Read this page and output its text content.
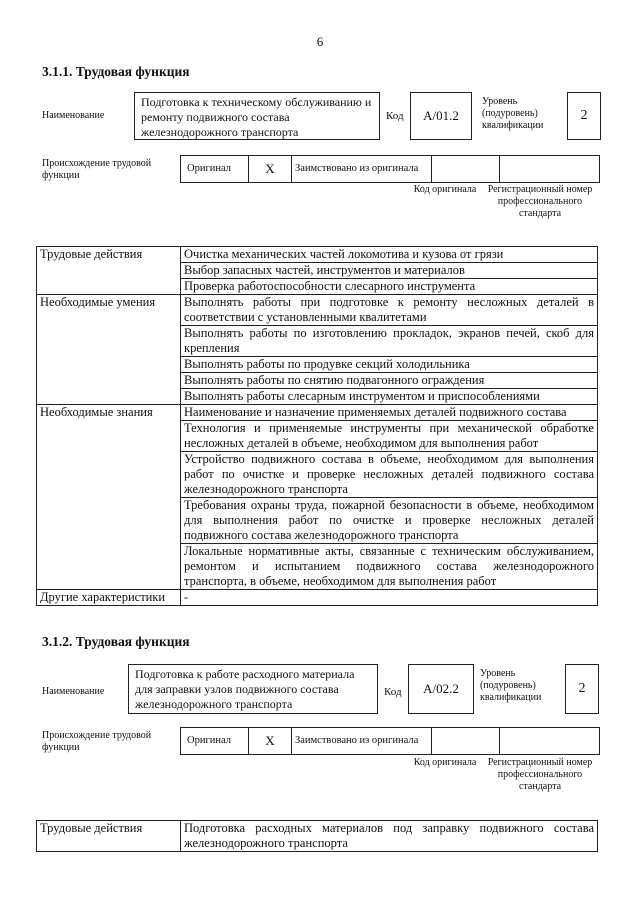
6
3.1.1. Трудовая функция
Наименование
Подготовка к техническому обслуживанию и ремонту подвижного состава железнодорожного транспорта
Код	A/01.2
Уровень (подуровень) квалификации
2
Происхождение трудовой функции
Оригинал	X	Заимствовано из оригинала		
Код оригинала	Регистрационный номер профессионального стандарта
Трудовые действия	Очистка механических частей локомотива и кузова от грязи
	Выбор запасных частей, инструментов и материалов
	Проверка работоспособности слесарного инструмента
Необходимые умения	Выполнять работы при подготовке к ремонту несложных деталей в соответствии с установленными квалитетами
	Выполнять работы по изготовлению прокладок, экранов печей, скоб для крепления
	Выполнять работы по продувке секций холодильника
	Выполнять работы по снятию подвагонного ограждения
	Выполнять работы слесарным инструментом и приспособлениями
Необходимые знания	Наименование и назначение применяемых деталей подвижного состава
	Технология и применяемые инструменты при механической обработке несложных деталей в объеме, необходимом для выполнения работ
	Устройство подвижного состава в объеме, необходимом для выполнения работ по очистке и проверке несложных деталей подвижного состава железнодорожного транспорта
	Требования охраны труда, пожарной безопасности в объеме, необходимом для выполнения работ по очистке и проверке несложных деталей подвижного состава железнодорожного транспорта
	Локальные нормативные акты, связанные с техническим обслуживанием, ремонтом и испытанием подвижного состава железнодорожного транспорта, в объеме, необходимом для выполнения работ
Другие характеристики	-
3.1.2. Трудовая функция
Наименование
Подготовка к работе расходного материала для заправки узлов подвижного состава железнодорожного транспорта
Код	A/02.2
Уровень (подуровень) квалификации
2
Происхождение трудовой функции
Оригинал	X	Заимствовано из оригинала		
Код оригинала	Регистрационный номер профессионального стандарта
Трудовые действия	Подготовка расходных материалов под заправку подвижного состава железнодорожного транспорта
